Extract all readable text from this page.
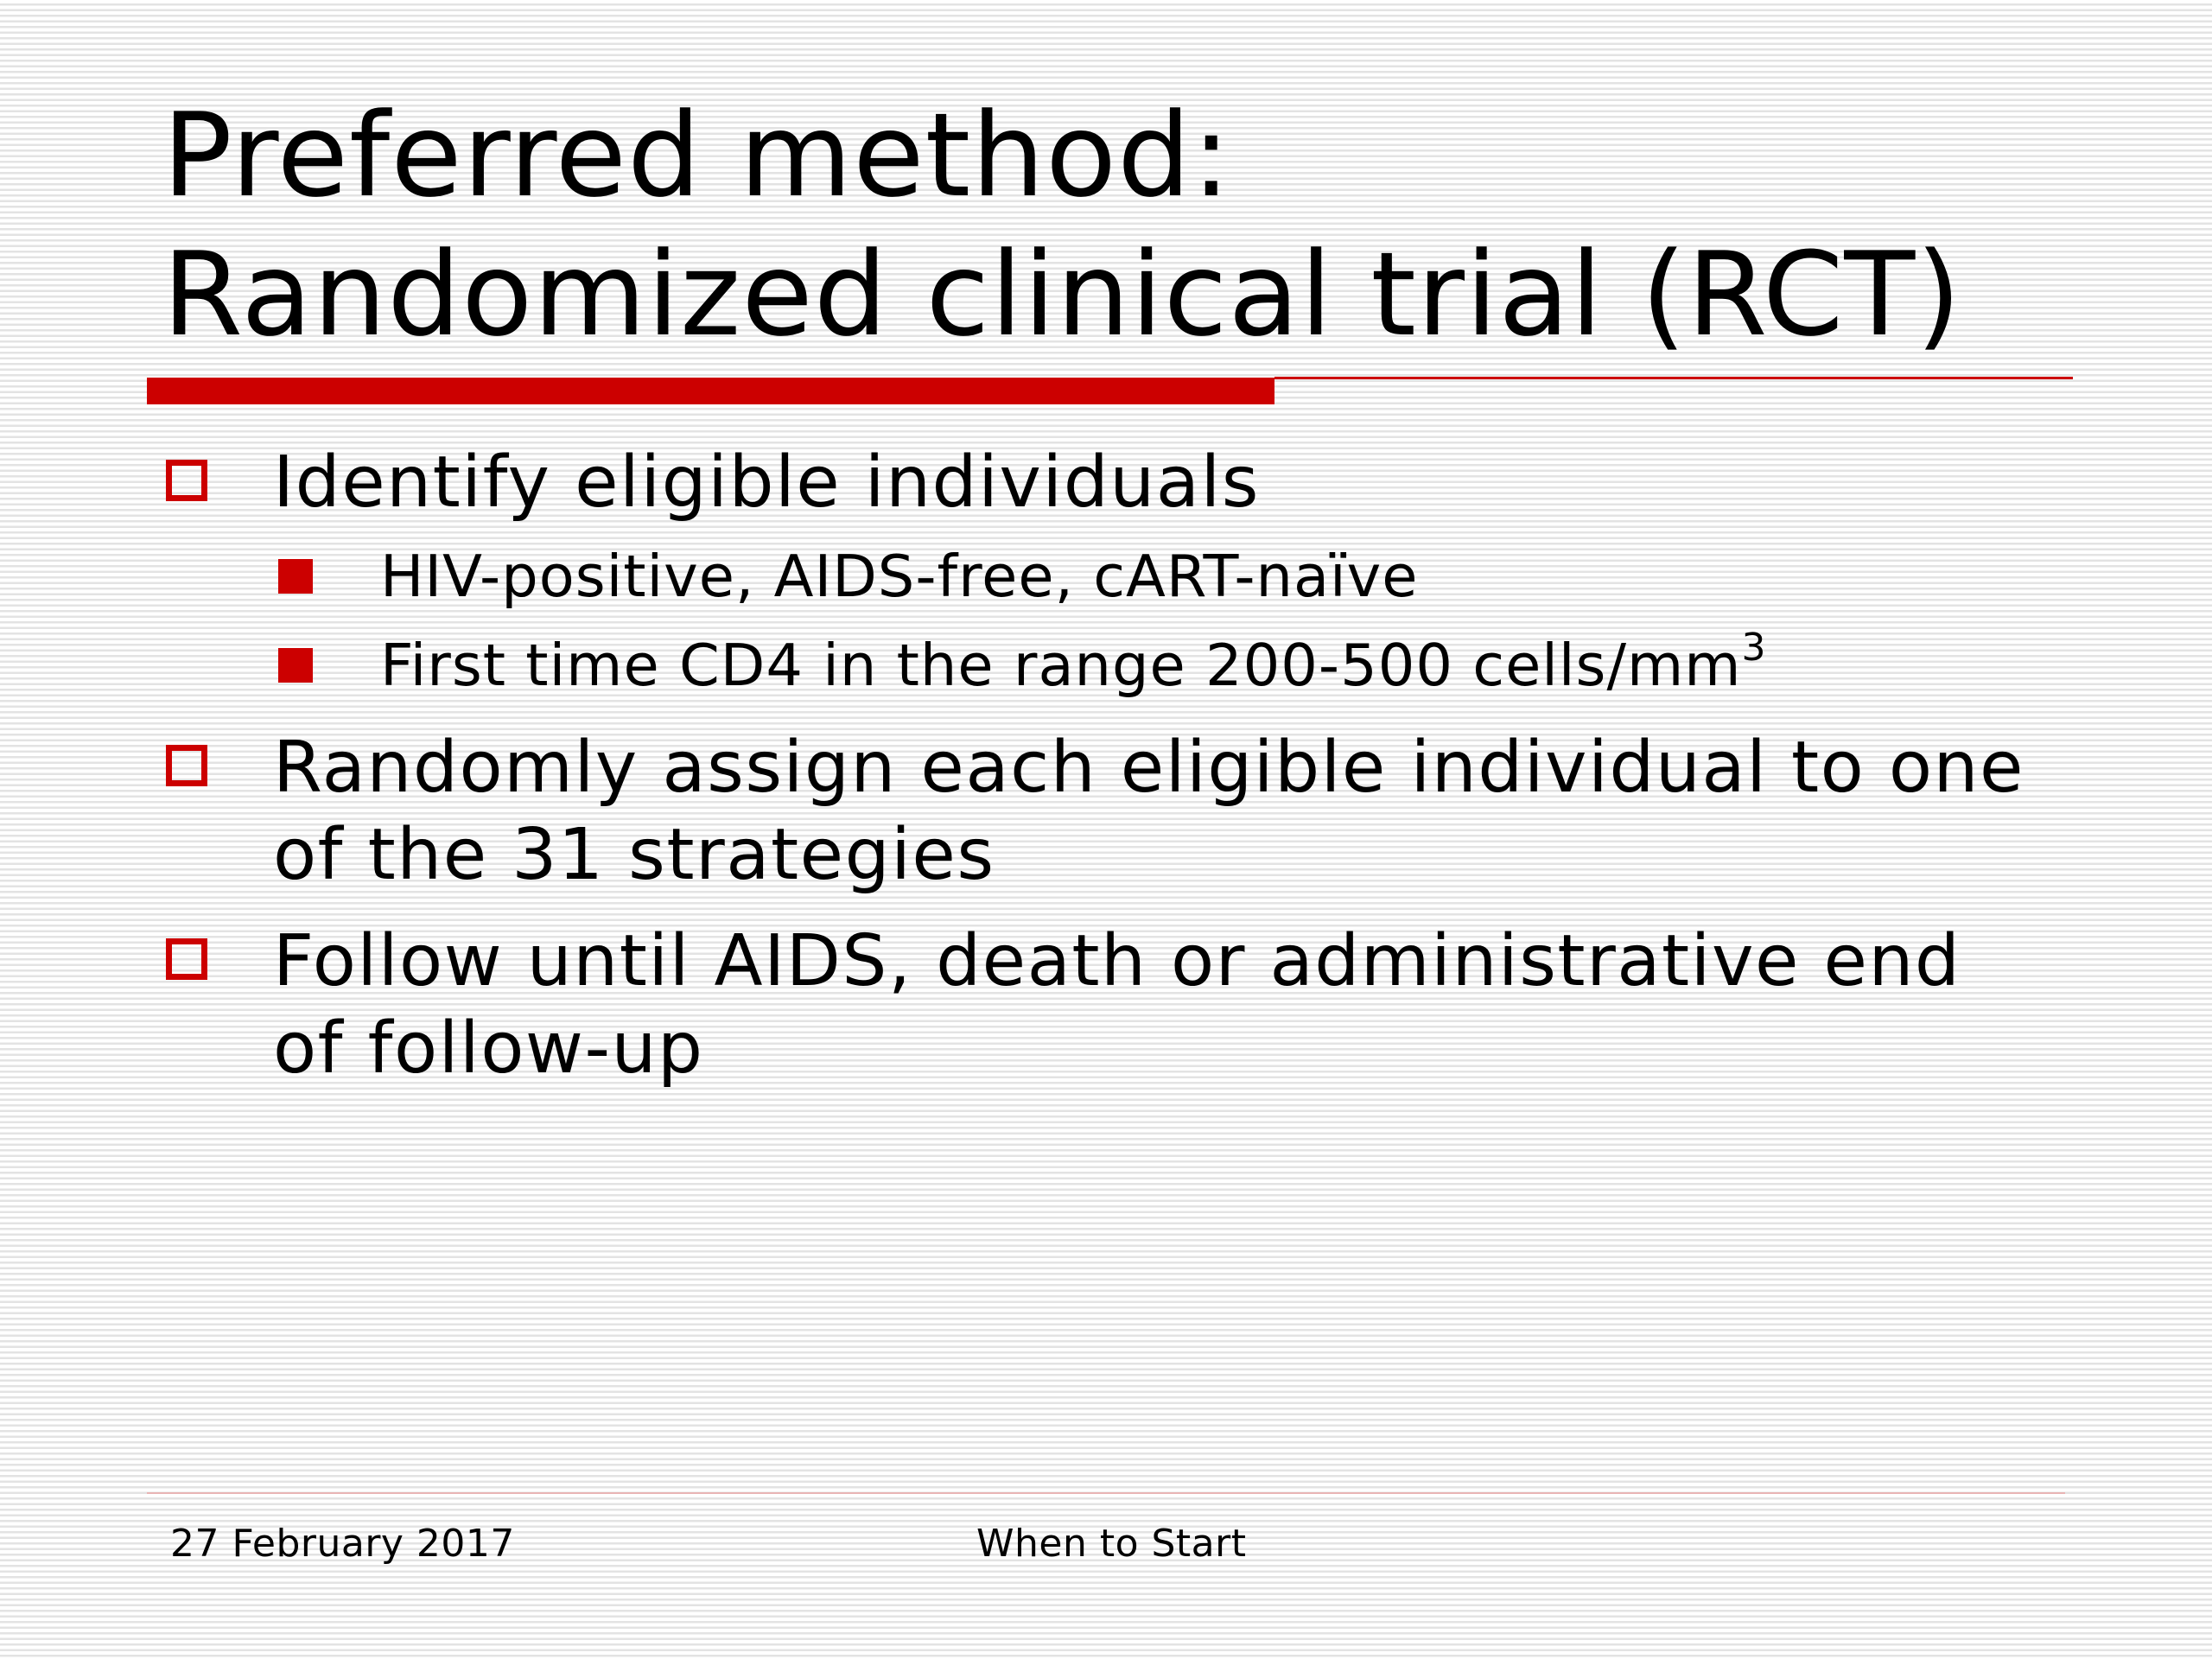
Preferred method:
Randomized clinical trial (RCT)
Identify eligible individuals
HIV-positive, AIDS-free, cART-naïve
First time CD4 in the range 200-500 cells/$mm^3$
Randomly assign each eligible individual to one
of the 31 strategies
Follow until AIDS, death or administrative end
of follow-up
27 February 2017	When to Start
